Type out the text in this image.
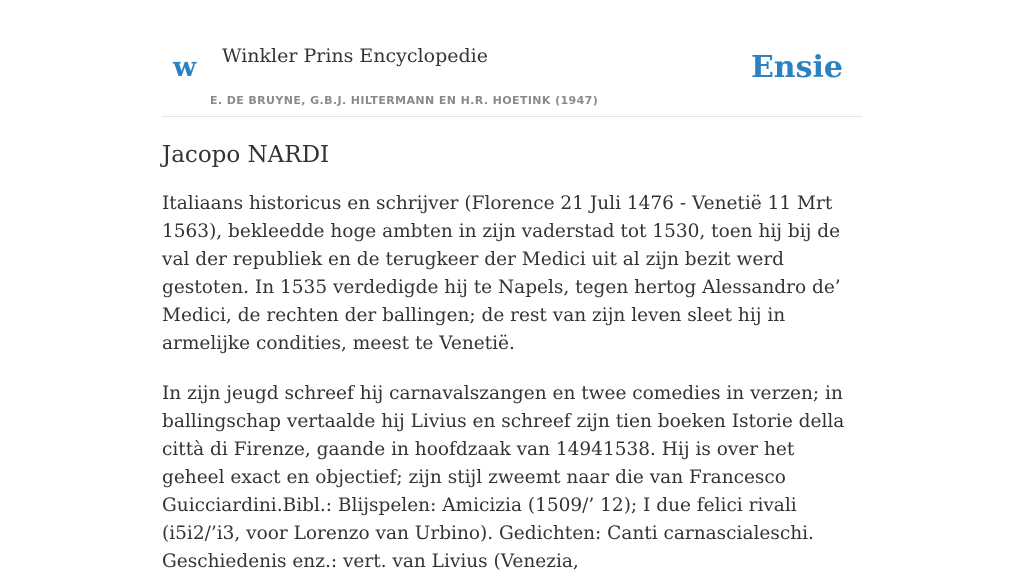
w Winkler Prins Encyclopedie
E. DE BRUYNE, G.B.J. HILTERMANN EN H.R. HOETINK (1947)
Ensie
Jacopo NARDI

Italiaans historicus en schrijver (Florence 21 Juli 1476 - Venetië 11 Mrt 1563), bekleedde hoge ambten in zijn vaderstad tot 1530, toen hij bij de val der republiek en de terugkeer der Medici uit al zijn bezit werd gestoten. In 1535 verdedigde hij te Napels, tegen hertog Alessandro de’ Medici, de rechten der ballingen; de rest van zijn leven sleet hij in armelijke condities, meest te Venetië.

In zijn jeugd schreef hij carnavalszangen en twee comedies in verzen; in ballingschap vertaalde hij Livius en schreef zijn tien boeken Istorie della città di Firenze, gaande in hoofdzaak van 14941538. Hij is over het geheel exact en objectief; zijn stijl zweemt naar die van Francesco Guicciardini.Bibl.: Blijspelen: Amicizia (1509/’ 12); I due felici rivali (i5i2/’i3, voor Lorenzo van Urbino). Gedichten: Canti carnascialeschi. Geschiedenis enz.: vert. van Livius (Venezia,
